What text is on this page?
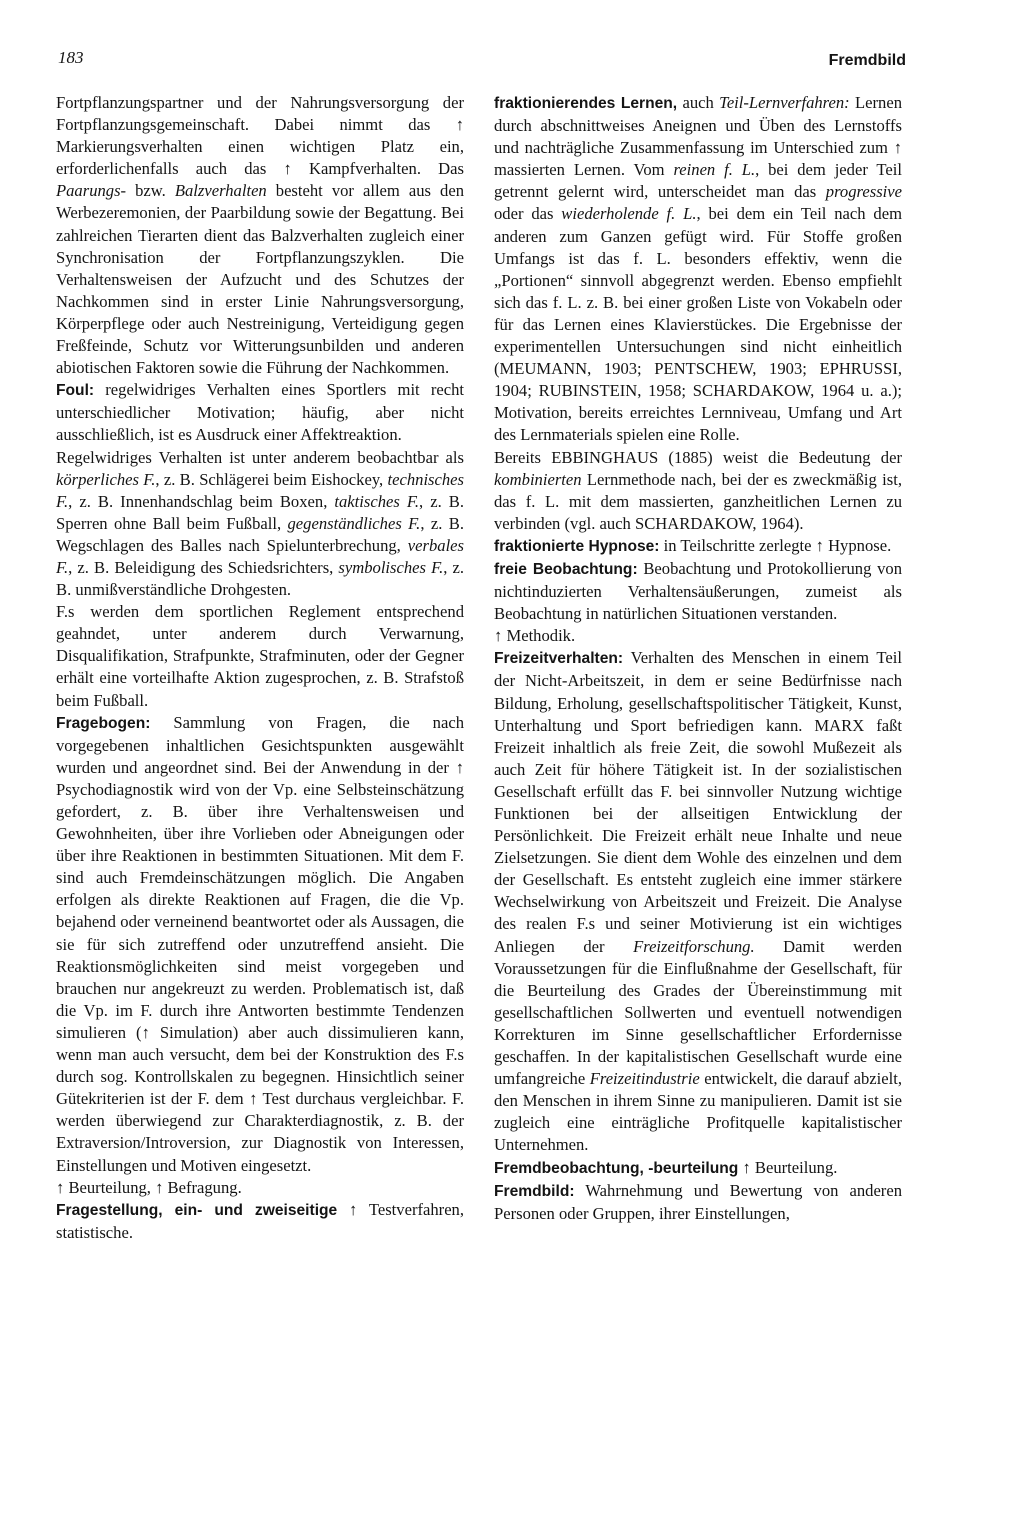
183	Fremdbild

Fortpflanzungspartner und der Nahrungsversorgung der Fortpflanzungsgemeinschaft. Dabei nimmt das ↑ Markierungsverhalten einen wichtigen Platz ein, erforderlichenfalls auch das ↑ Kampfverhalten. Das Paarungs- bzw. Balzverhalten besteht vor allem aus den Werbezeremonien, der Paarbildung sowie der Begattung. Bei zahlreichen Tierarten dient das Balzverhalten zugleich einer Synchronisation der Fortpflanzungszyklen. Die Verhaltensweisen der Aufzucht und des Schutzes der Nachkommen sind in erster Linie Nahrungsversorgung, Körperpflege oder auch Nestreinigung, Verteidigung gegen Freßfeinde, Schutz vor Witterungsunbilden und anderen abiotischen Faktoren sowie die Führung der Nachkommen.

Foul: regelwidriges Verhalten eines Sportlers mit recht unterschiedlicher Motivation; häufig, aber nicht ausschließlich, ist es Ausdruck einer Affektreaktion.

Regelwidriges Verhalten ist unter anderem beobachtbar als körperliches F., z. B. Schlägerei beim Eishockey, technisches F., z. B. Innenhandschlag beim Boxen, taktisches F., z. B. Sperren ohne Ball beim Fußball, gegenständliches F., z. B. Wegschlagen des Balles nach Spielunterbrechung, verbales F., z. B. Beleidigung des Schiedsrichters, symbolisches F., z. B. unmißverständliche Drohgesten.

F.s werden dem sportlichen Reglement entsprechend geahndet, unter anderem durch Verwarnung, Disqualifikation, Strafpunkte, Strafminuten, oder der Gegner erhält eine vorteilhafte Aktion zugesprochen, z. B. Strafstoß beim Fußball.

Fragebogen: Sammlung von Fragen, die nach vorgegebenen inhaltlichen Gesichtspunkten ausgewählt wurden und angeordnet sind. Bei der Anwendung in der ↑ Psychodiagnostik wird von der Vp. eine Selbsteinschätzung gefordert, z. B. über ihre Verhaltensweisen und Gewohnheiten, über ihre Vorlieben oder Abneigungen oder über ihre Reaktionen in bestimmten Situationen. Mit dem F. sind auch Fremdeinschätzungen möglich. Die Angaben erfolgen als direkte Reaktionen auf Fragen, die die Vp. bejahend oder verneinend beantwortet oder als Aussagen, die sie für sich zutreffend oder unzutreffend ansieht. Die Reaktionsmöglichkeiten sind meist vorgegeben und brauchen nur angekreuzt zu werden. Problematisch ist, daß die Vp. im F. durch ihre Antworten bestimmte Tendenzen simulieren (↑ Simulation) aber auch dissimulieren kann, wenn man auch versucht, dem bei der Konstruktion des F.s durch sog. Kontrollskalen zu begegnen. Hinsichtlich seiner Gütekriterien ist der F. dem ↑ Test durchaus vergleichbar. F. werden überwiegend zur Charakterdiagnostik, z. B. der Extraversion/Introversion, zur Diagnostik von Interessen, Einstellungen und Motiven eingesetzt.

↑ Beurteilung, ↑ Befragung.

Fragestellung, ein- und zweiseitige ↑ Testverfahren, statistische.

fraktionierendes Lernen, auch Teil-Lernverfahren: Lernen durch abschnittweises Aneignen und Üben des Lernstoffs und nachträgliche Zusammenfassung im Unterschied zum ↑ massierten Lernen. Vom reinen f. L., bei dem jeder Teil getrennt gelernt wird, unterscheidet man das progressive oder das wiederholende f. L., bei dem ein Teil nach dem anderen zum Ganzen gefügt wird. Für Stoffe großen Umfangs ist das f. L. besonders effektiv, wenn die „Portionen“ sinnvoll abgegrenzt werden. Ebenso empfiehlt sich das f. L. z. B. bei einer großen Liste von Vokabeln oder für das Lernen eines Klavierstückes. Die Ergebnisse der experimentellen Untersuchungen sind nicht einheitlich (MEUMANN, 1903; PENTSCHEW, 1903; EPHRUSSI, 1904; RUBINSTEIN, 1958; SCHARDAKOW, 1964 u. a.); Motivation, bereits erreichtes Lernniveau, Umfang und Art des Lernmaterials spielen eine Rolle.

Bereits EBBINGHAUS (1885) weist die Bedeutung der kombinierten Lernmethode nach, bei der es zweckmäßig ist, das f. L. mit dem massierten, ganzheitlichen Lernen zu verbinden (vgl. auch SCHARDAKOW, 1964).

fraktionierte Hypnose: in Teilschritte zerlegte ↑ Hypnose.

freie Beobachtung: Beobachtung und Protokollierung von nichtinduzierten Verhaltensäußerungen, zumeist als Beobachtung in natürlichen Situationen verstanden.

↑ Methodik.

Freizeitverhalten: Verhalten des Menschen in einem Teil der Nicht-Arbeitszeit, in dem er seine Bedürfnisse nach Bildung, Erholung, gesellschaftspolitischer Tätigkeit, Kunst, Unterhaltung und Sport befriedigen kann. MARX faßt Freizeit inhaltlich als freie Zeit, die sowohl Mußezeit als auch Zeit für höhere Tätigkeit ist. In der sozialistischen Gesellschaft erfüllt das F. bei sinnvoller Nutzung wichtige Funktionen bei der allseitigen Entwicklung der Persönlichkeit. Die Freizeit erhält neue Inhalte und neue Zielsetzungen. Sie dient dem Wohle des einzelnen und dem der Gesellschaft. Es entsteht zugleich eine immer stärkere Wechselwirkung von Arbeitszeit und Freizeit. Die Analyse des realen F.s und seiner Motivierung ist ein wichtiges Anliegen der Freizeitforschung. Damit werden Voraussetzungen für die Einflußnahme der Gesellschaft, für die Beurteilung des Grades der Übereinstimmung mit gesellschaftlichen Sollwerten und eventuell notwendigen Korrekturen im Sinne gesellschaftlicher Erfordernisse geschaffen. In der kapitalistischen Gesellschaft wurde eine umfangreiche Freizeitindustrie entwickelt, die darauf abzielt, den Menschen in ihrem Sinne zu manipulieren. Damit ist sie zugleich eine einträgliche Profitquelle kapitalistischer Unternehmen.

Fremdbeobachtung, -beurteilung ↑ Beurteilung.

Fremdbild: Wahrnehmung und Bewertung von anderen Personen oder Gruppen, ihrer Einstellungen,
